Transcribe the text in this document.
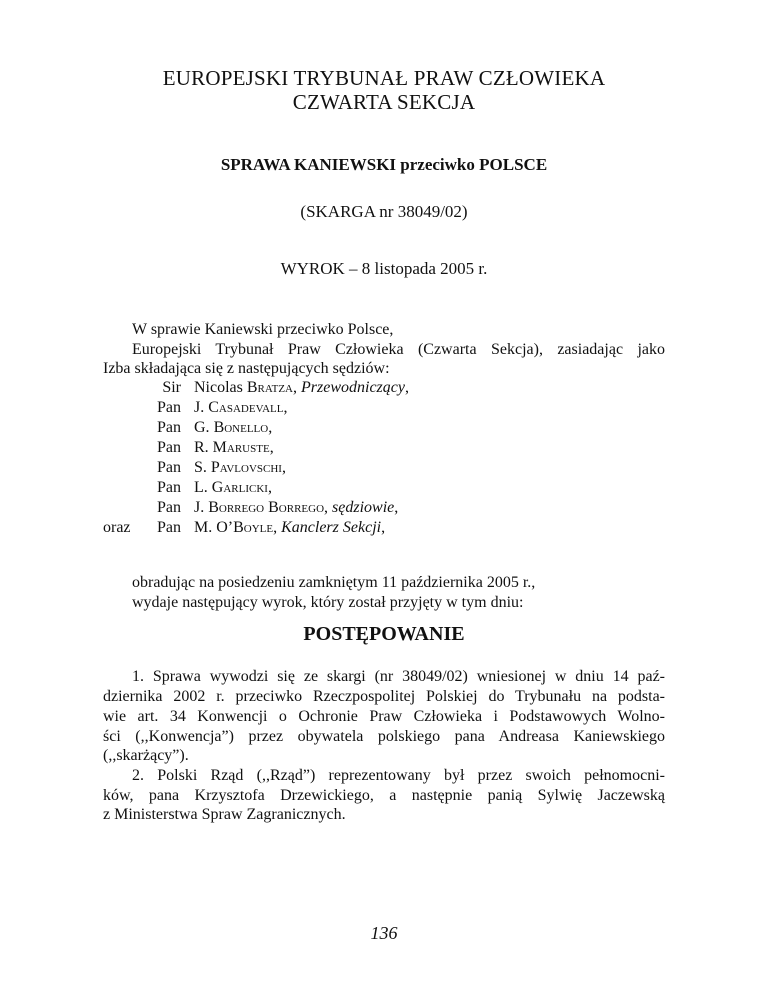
EUROPEJSKI TRYBUNAŁ PRAW CZŁOWIEKA
CZWARTA SEKCJA
SPRAWA KANIEWSKI przeciwko POLSCE
(SKARGA nr 38049/02)
WYROK – 8 listopada 2005 r.
W sprawie Kaniewski przeciwko Polsce,
Europejski Trybunał Praw Człowieka (Czwarta Sekcja), zasiadając jako
Izba składająca się z następujących sędziów:
Sir Nicolas Bratza, Przewodniczący,
Pan J. Casadevall,
Pan G. Bonello,
Pan R. Maruste,
Pan S. Pavlovschi,
Pan L. Garlicki,
Pan J. Borrego Borrego, sędziowie,
oraz	Pan M. O’Boyle, Kanclerz Sekcji,
obradując na posiedzeniu zamkniętym 11 października 2005 r.,
wydaje następujący wyrok, który został przyjęty w tym dniu:
POSTĘPOWANIE
1. Sprawa wywodzi się ze skargi (nr 38049/02) wniesionej w dniu 14 paź-
dziernika 2002 r. przeciwko Rzeczpospolitej Polskiej do Trybunału na podsta-
wie art. 34 Konwencji o Ochronie Praw Człowieka i Podstawowych Wolno-
ści (,,Konwencja”) przez obywatela polskiego pana Andreasa Kaniewskiego
(,,skarżący”).
2. Polski Rząd (,,Rząd”) reprezentowany był przez swoich pełnomocni-
ków, pana Krzysztofa Drzewickiego, a następnie panią Sylwię Jaczewską
z Ministerstwa Spraw Zagranicznych.
136
